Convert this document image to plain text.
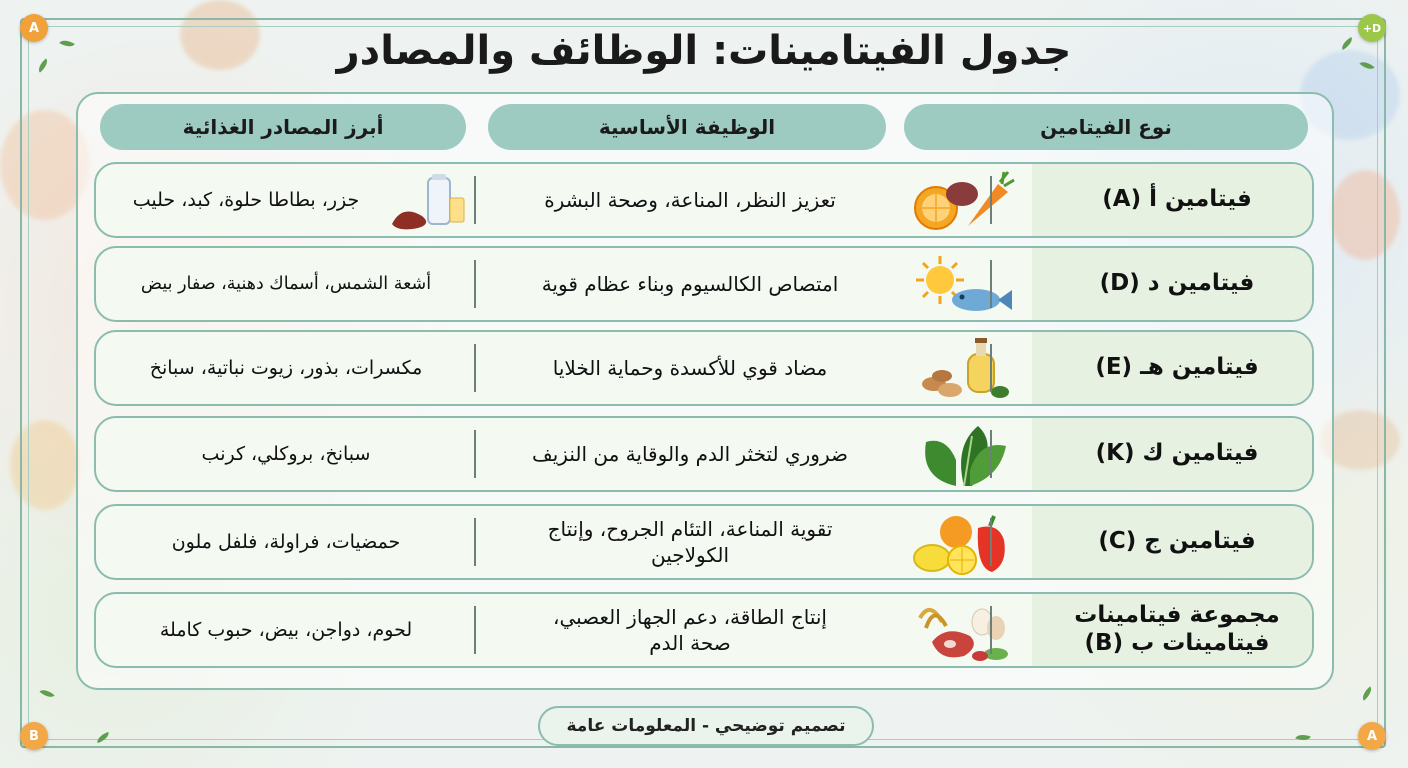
A	D+
B	A
جدول الفيتامينات: الوظائف والمصادر
نوع الفيتامين
الوظيفة الأساسية
أبرز المصادر الغذائية
فيتامين أ (A)
تعزيز النظر، المناعة، وصحة البشرة
جزر، بطاطا حلوة، كبد، حليب
فيتامين د (D)
امتصاص الكالسيوم وبناء عظام قوية
أشعة الشمس، أسماك دهنية، صفار بيض
فيتامين هـ (E)
مضاد قوي للأكسدة وحماية الخلايا
مكسرات، بذور، زيوت نباتية، سبانخ
فيتامين ك (K)
ضروري لتخثر الدم والوقاية من النزيف
سبانخ، بروكلي، كرنب
فيتامين ج (C)
تقوية المناعة، التئام الجروح، وإنتاج
الكولاجين
حمضيات، فراولة، فلفل ملون
مجموعة فيتامينات
فيتامينات ب (B)
إنتاج الطاقة، دعم الجهاز العصبي،
صحة الدم
لحوم، دواجن، بيض، حبوب كاملة
تصميم توضيحي - المعلومات عامة
